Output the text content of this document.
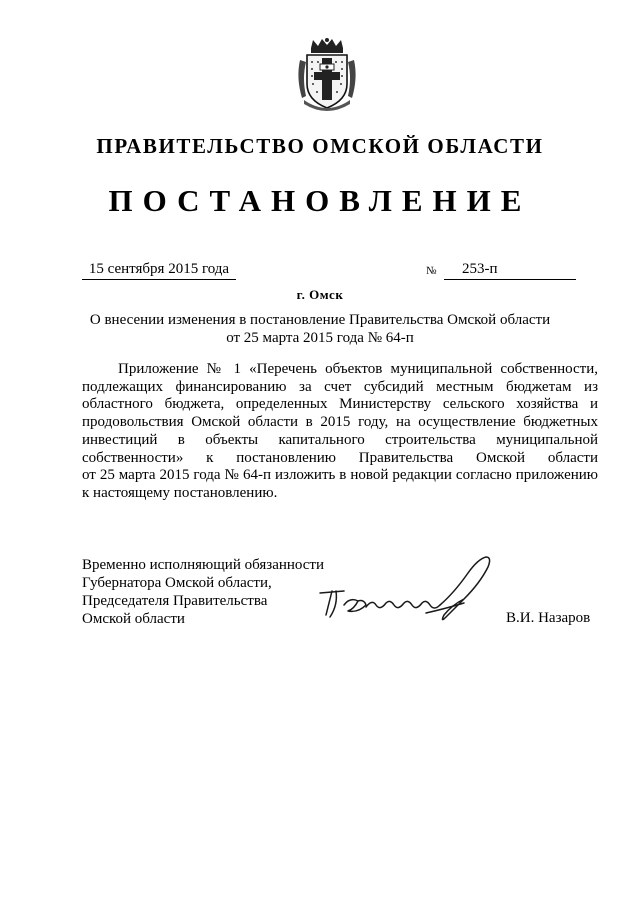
ПРАВИТЕЛЬСТВО ОМСКОЙ ОБЛАСТИ
ПОСТАНОВЛЕНИЕ
15 сентября 2015 года	№	253-п
г. Омск
О внесении изменения в постановление Правительства Омской области
от 25 марта 2015 года № 64-п
Приложение № 1 «Перечень объектов муниципальной собственности,
подлежащих финансированию за счет субсидий местным бюджетам из
областного бюджета, определенных Министерству сельского хозяйства и
продовольствия Омской области в 2015 году, на осуществление бюджетных
инвестиций в объекты капитального строительства муниципальной
собственности» к постановлению Правительства Омской области
от 25 марта 2015 года № 64-п изложить в новой редакции согласно приложению
к настоящему постановлению.
Временно исполняющий обязанности
Губернатора Омской области,
Председателя Правительства
Омской области	В.И. Назаров
